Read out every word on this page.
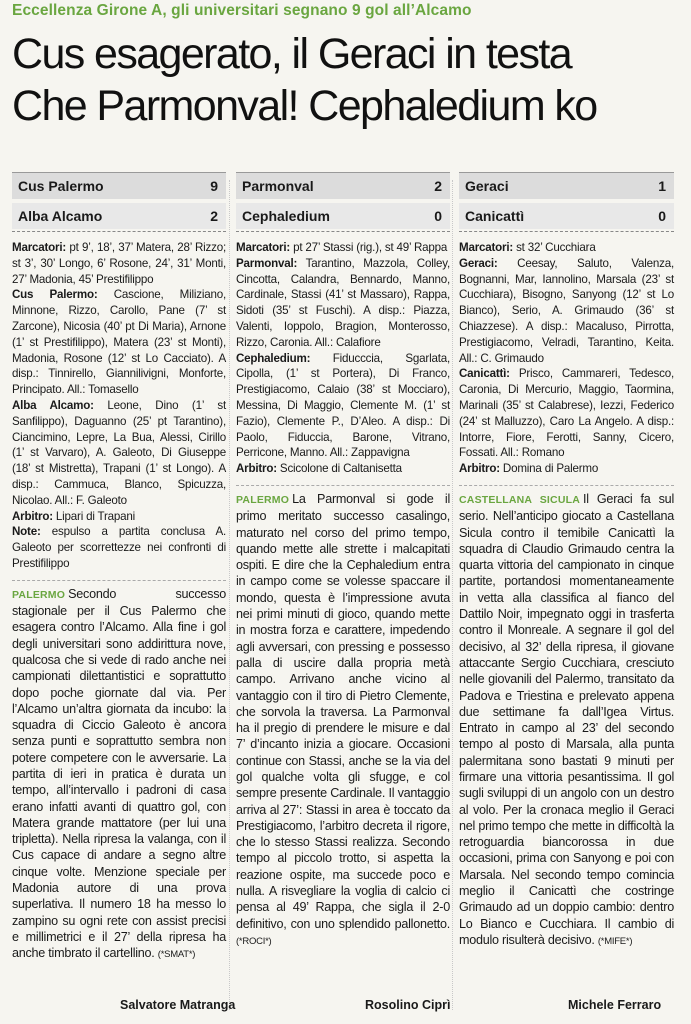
Eccellenza Girone A, gli universitari segnano 9 gol all’Alcamo
Cus esagerato, il Geraci in testa
Che Parmonval! Cephaledium ko
Cus Palermo	9
Alba Alcamo	2

Marcatori: pt 9’, 18’, 37’ Matera, 28’ Rizzo; st 3’, 30’ Longo, 6’ Rosone, 24’, 31’ Monti, 27’ Madonia, 45’ Prestifilippo

Cus Palermo: Cascione, Miliziano, Minnone, Rizzo, Carollo, Pane (7’ st Zarcone), Nicosia (40’ pt Di Maria), Arnone (1’ st Prestifilippo), Matera (23’ st Monti), Madonia, Rosone (12’ st Lo Cacciato). A disp.: Tinnirello, Giannilivigni, Monforte, Principato. All.: Tomasello

Alba Alcamo: Leone, Dino (1’ st Sanfilippo), Daguanno (25’ pt Tarantino), Ciancimino, Lepre, La Bua, Alessi, Cirillo (1’ st Varvaro), A. Galeoto, Di Giuseppe (18’ st Mistretta), Trapani (1’ st Longo). A disp.: Cammuca, Blanco, Spicuzza, Nicolao. All.: F. Galeoto

Arbitro: Lipari di Trapani

Note: espulso a partita conclusa A. Galeoto per scorrettezze nei confronti di Prestifilippo

PALERMO Secondo successo stagionale per il Cus Palermo che esagera contro l’Alcamo. Alla fine i gol degli universitari sono addirittura nove, qualcosa che si vede di rado anche nei campionati dilettantistici e soprattutto dopo poche giornate dal via. Per l’Alcamo un’altra giornata da incubo: la squadra di Ciccio Galeoto è ancora senza punti e soprattutto sembra non potere competere con le avversarie. La partita di ieri in pratica è durata un tempo, all’intervallo i padroni di casa erano infatti avanti di quattro gol, con Matera grande mattatore (per lui una tripletta). Nella ripresa la valanga, con il Cus capace di andare a segno altre cinque volte. Menzione speciale per Madonia autore di una prova superlativa. Il numero 18 ha messo lo zampino su ogni rete con assist precisi e millimetrici e il 27’ della ripresa ha anche timbrato il cartellino. (*SMAT*)
Parmonval	2
Cephaledium	0

Marcatori: pt 27’ Stassi (rig.), st 49’ Rappa

Parmonval: Tarantino, Mazzola, Colley, Cincotta, Calandra, Bennardo, Manno, Cardinale, Stassi (41’ st Massaro), Rappa, Sidoti (35’ st Fuschi). A disp.: Piazza, Valenti, Ioppolo, Bragion, Monterosso, Rizzo, Caronia. All.: Calafiore

Cephaledium: Fiducccia, Sgarlata, Cipolla, (1’ st Portera), Di Franco, Prestigiacomo, Calaio (38’ st Mocciaro), Messina, Di Maggio, Clemente M. (1’ st Fazio), Clemente P., D’Aleo. A disp.: Di Paolo, Fiduccia, Barone, Vitrano, Perricone, Manno. All.: Zappavigna

Arbitro: Scicolone di Caltanisetta

PALERMO La Parmonval si gode il primo meritato successo casalingo, maturato nel corso del primo tempo, quando mette alle strette i malcapitati ospiti. E dire che la Cephaledium entra in campo come se volesse spaccare il mondo, questa è l’impressione avuta nei primi minuti di gioco, quando mette in mostra forza e carattere, impedendo agli avversari, con pressing e possesso palla di uscire dalla propria metà campo. Arrivano anche vicino al vantaggio con il tiro di Pietro Clemente, che sorvola la traversa. La Parmonval ha il pregio di prendere le misure e dal 7’ d’incanto inizia a giocare. Occasioni continue con Stassi, anche se la via del gol qualche volta gli sfugge, e col sempre presente Cardinale. Il vantaggio arriva al 27’: Stassi in area è toccato da Prestigiacomo, l’arbitro decreta il rigore, che lo stesso Stassi realizza. Secondo tempo al piccolo trotto, si aspetta la reazione ospite, ma succede poco e nulla. A risvegliare la voglia di calcio ci pensa al 49’ Rappa, che sigla il 2-0 definitivo, con uno splendido pallonetto. (*ROCI*)
Geraci	1
Canicattì	0

Marcatori: st 32’ Cucchiara

Geraci: Ceesay, Saluto, Valenza, Bognanni, Mar, Iannolino, Marsala (23’ st Cucchiara), Bisogno, Sanyong (12’ st Lo Bianco), Serio, A. Grimaudo (36’ st Chiazzese). A disp.: Macaluso, Pirrotta, Prestigiacomo, Velradi, Tarantino, Keita. All.: C. Grimaudo

Canicattì: Prisco, Cammareri, Tedesco, Caronia, Di Mercurio, Maggio, Taormina, Marinali (35’ st Calabrese), Iezzi, Federico (24’ st Malluzzo), Caro La Angelo. A disp.: Intorre, Fiore, Ferotti, Sanny, Cicero, Fossati. All.: Romano

Arbitro: Domina di Palermo

CASTELLANA SICULA Il Geraci fa sul serio. Nell’anticipo giocato a Castellana Sicula contro il temibile Canicattì la squadra di Claudio Grimaudo centra la quarta vittoria del campionato in cinque partite, portandosi momentaneamente in vetta alla classifica al fianco del Dattilo Noir, impegnato oggi in trasferta contro il Monreale. A segnare il gol del decisivo, al 32’ della ripresa, il giovane attaccante Sergio Cucchiara, cresciuto nelle giovanili del Palermo, transitato da Padova e Triestina e prelevato appena due settimane fa dall’Igea Virtus. Entrato in campo al 23’ del secondo tempo al posto di Marsala, alla punta palermitana sono bastati 9 minuti per firmare una vittoria pesantissima. Il gol sugli sviluppi di un angolo con un destro al volo. Per la cronaca meglio il Geraci nel primo tempo che mette in difficoltà la retroguardia biancorossa in due occasioni, prima con Sanyong e poi con Marsala. Nel secondo tempo comincia meglio il Canicattì che costringe Grimaudo ad un doppio cambio: dentro Lo Bianco e Cucchiara. Il cambio di modulo risulterà decisivo. (*MIFE*)
Salvatore Matranga	Rosolino Ciprì	Michele Ferraro
